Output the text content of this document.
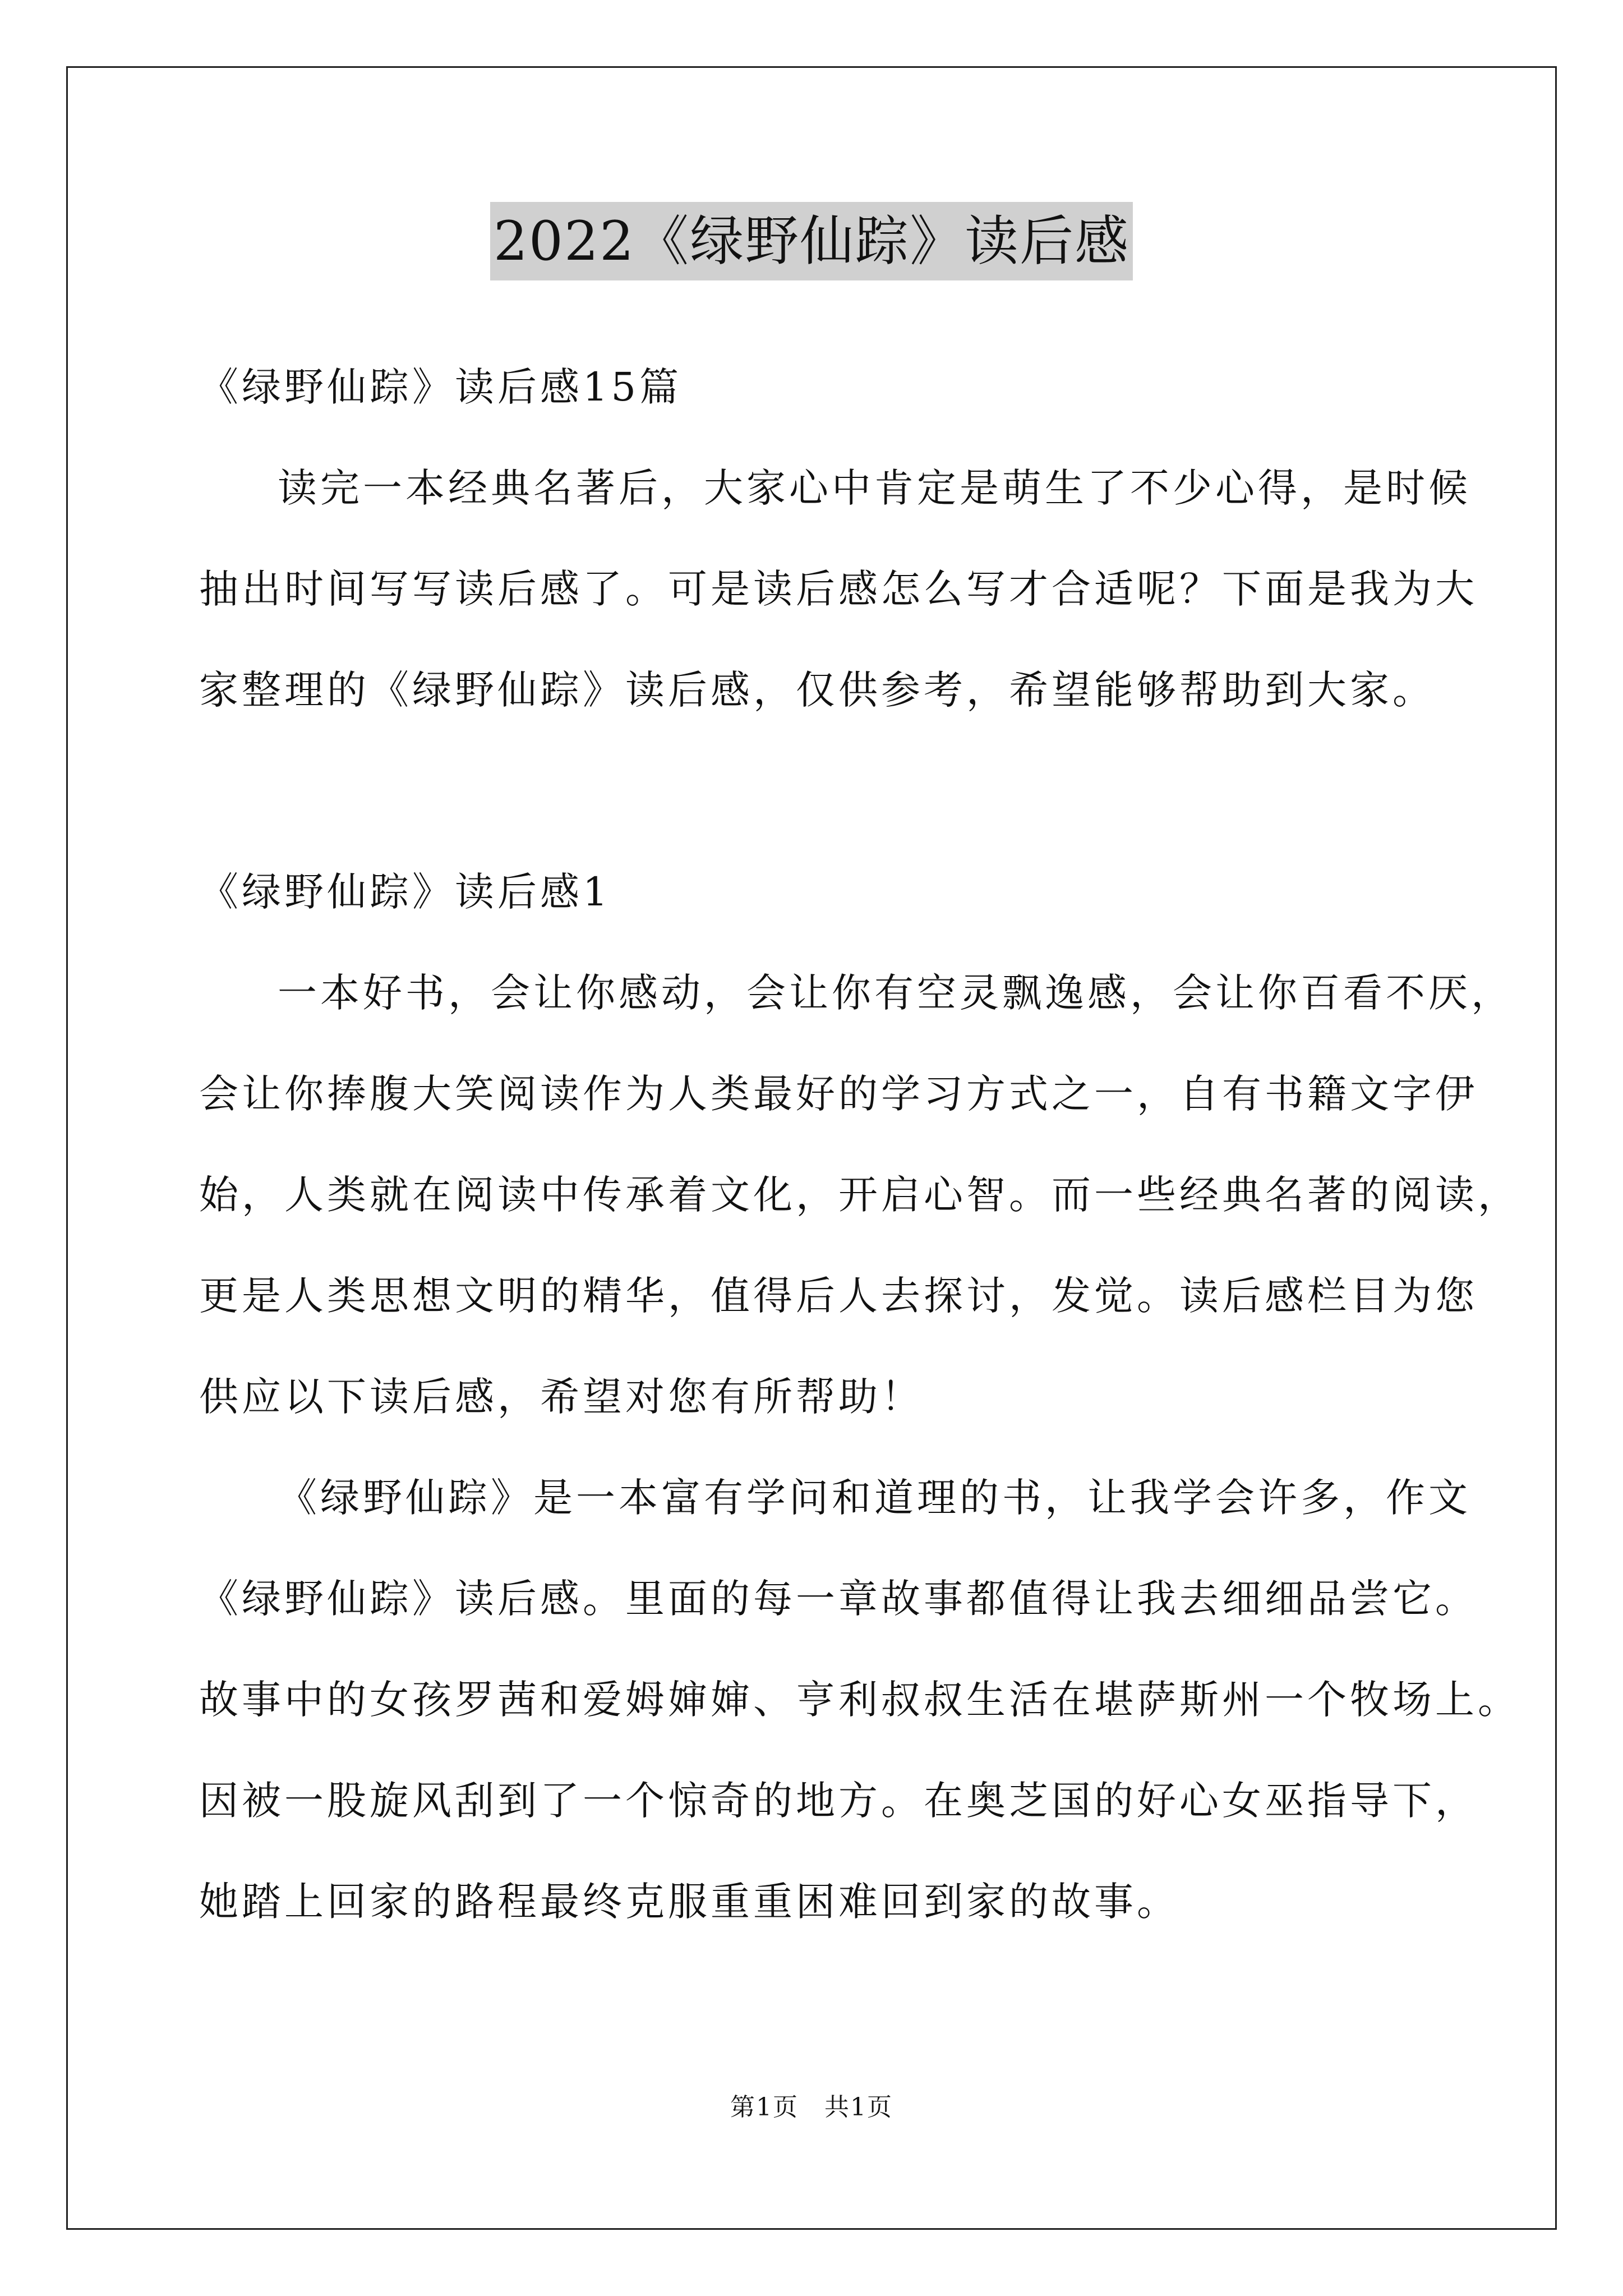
2022《绿野仙踪》读后感
《绿野仙踪》读后感15篇
读完一本经典名著后，大家心中肯定是萌生了不少心得，是时候
抽出时间写写读后感了。可是读后感怎么写才合适呢？下面是我为大
家整理的《绿野仙踪》读后感，仅供参考，希望能够帮助到大家。
《绿野仙踪》读后感1
一本好书，会让你感动，会让你有空灵飘逸感，会让你百看不厌，
会让你捧腹大笑阅读作为人类最好的学习方式之一，自有书籍文字伊
始，人类就在阅读中传承着文化，开启心智。而一些经典名著的阅读，
更是人类思想文明的精华，值得后人去探讨，发觉。读后感栏目为您
供应以下读后感，希望对您有所帮助！
《绿野仙踪》是一本富有学问和道理的书，让我学会许多，作文
《绿野仙踪》读后感。里面的每一章故事都值得让我去细细品尝它。
故事中的女孩罗茜和爱姆婶婶、亨利叔叔生活在堪萨斯州一个牧场上。
因被一股旋风刮到了一个惊奇的地方。在奥芝国的好心女巫指导下，
她踏上回家的路程最终克服重重困难回到家的故事。
第1页　共1页
